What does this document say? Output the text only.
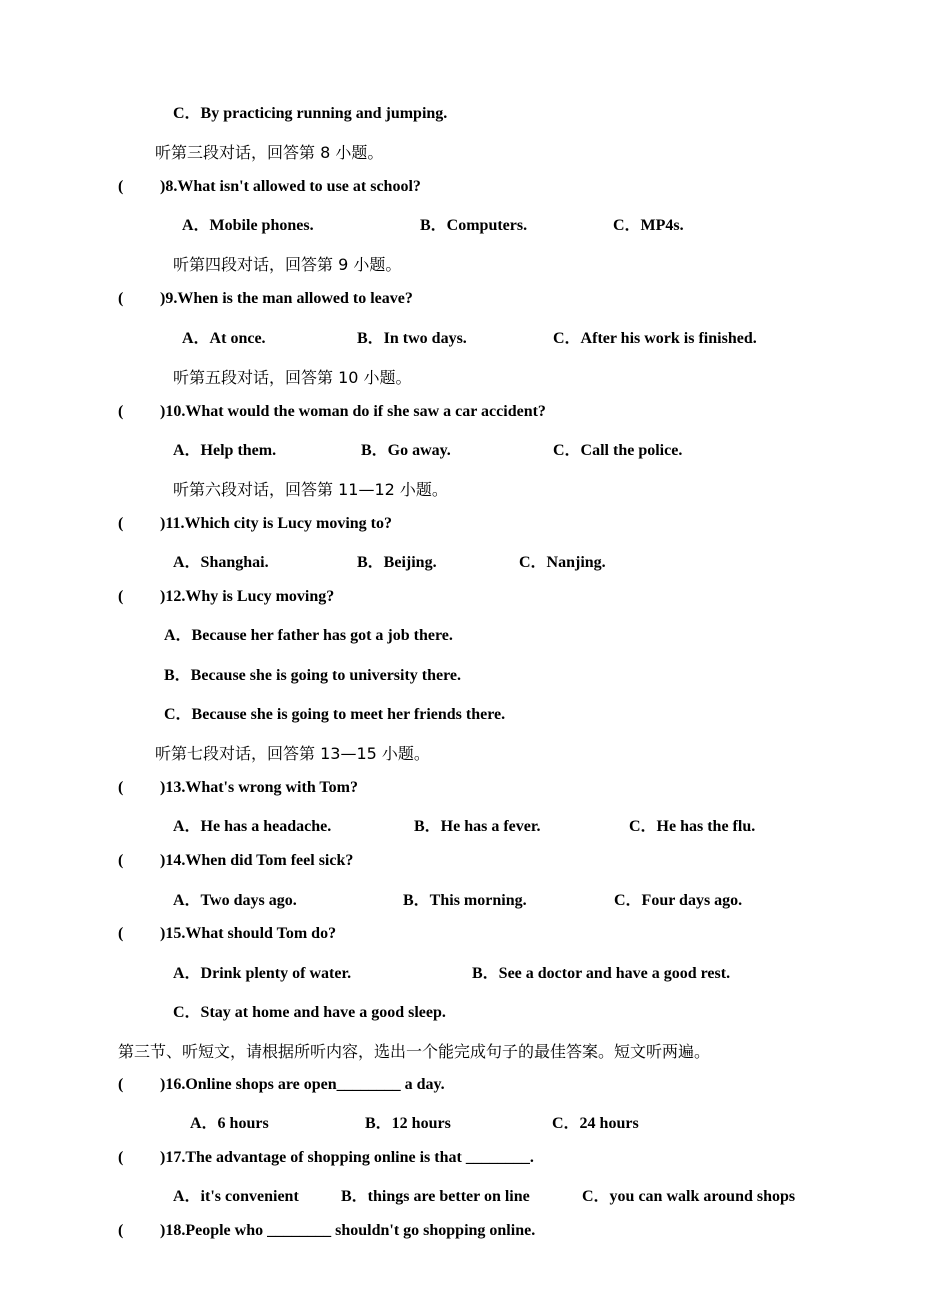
C．By practicing running and jumping.
听第三段对话，回答第 8 小题。
( )8.What isn't allowed to use at school?
A．Mobile phones.	B．Computers.	C．MP4s.
听第四段对话，回答第 9 小题。
( )9.When is the man allowed to leave?
A．At once.	B．In two days.	C．After his work is finished.
听第五段对话，回答第 10 小题。
( )10.What would the woman do if she saw a car accident?
A．Help them.	B．Go away.	C．Call the police.
听第六段对话，回答第 11—12 小题。
( )11.Which city is Lucy moving to?
A．Shanghai.	B．Beijing.	C．Nanjing.
( )12.Why is Lucy moving?
A．Because her father has got a job there.
B．Because she is going to university there.
C．Because she is going to meet her friends there.
听第七段对话，回答第 13—15 小题。
( )13.What's wrong with Tom?
A．He has a headache.	B．He has a fever.	C．He has the flu.
( )14.When did Tom feel sick?
A．Two days ago.	B．This morning.	C．Four days ago.
( )15.What should Tom do?
A．Drink plenty of water.	B．See a doctor and have a good rest.
C．Stay at home and have a good sleep.
第三节、听短文，请根据所听内容，选出一个能完成句子的最佳答案。短文听两遍。
( )16.Online shops are open________ a day.
A．6 hours	B．12 hours	C．24 hours
( )17.The advantage of shopping online is that ________.
A．it's convenient	B．things are better on line	C．you can walk around shops
( )18.People who ________ shouldn't go shopping online.
